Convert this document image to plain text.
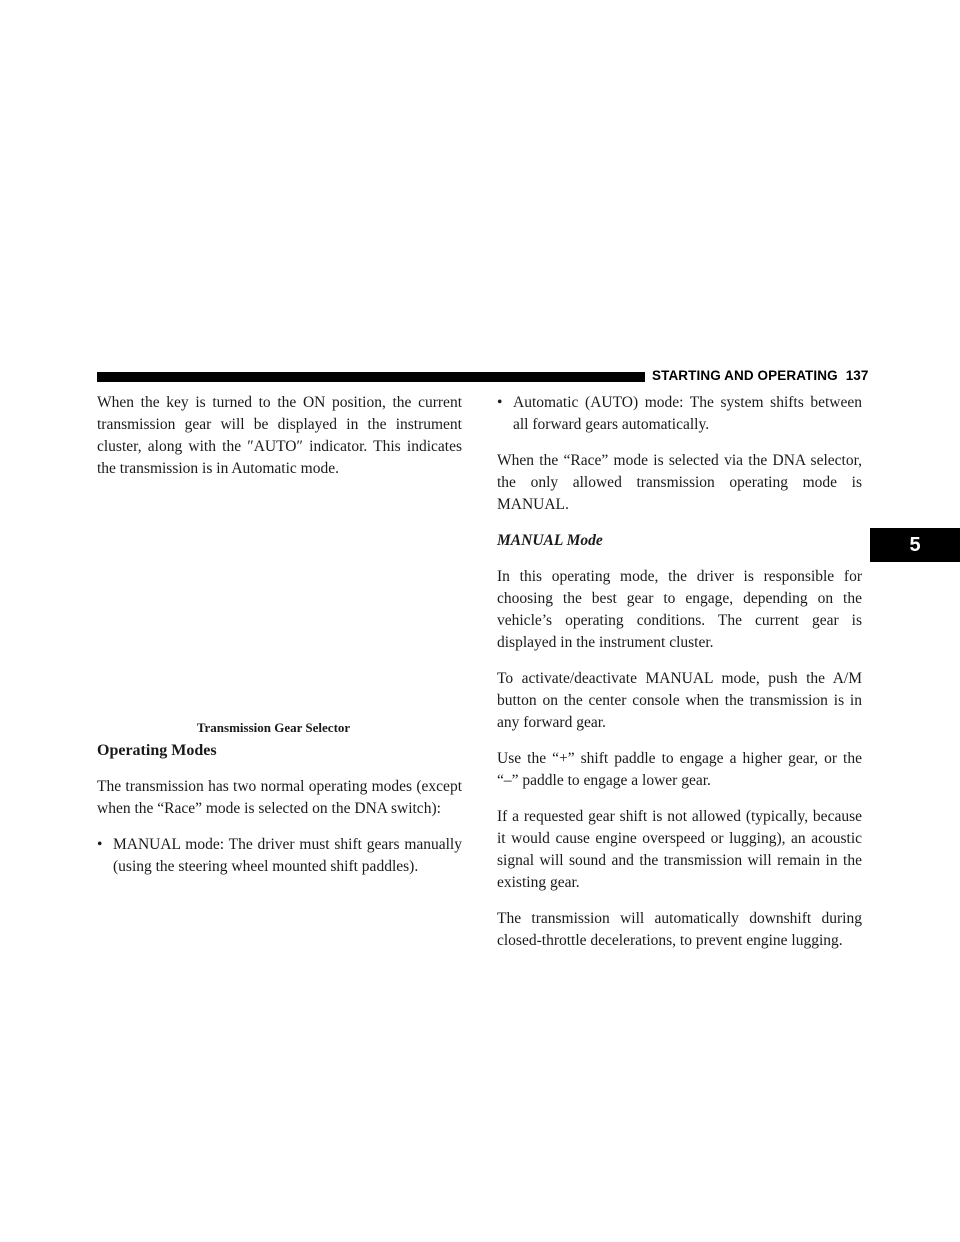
STARTING AND OPERATING 137
5

When the key is turned to the ON position, the current transmission gear will be displayed in the instrument cluster, along with the ″AUTO″ indicator. This indicates the transmission is in Automatic mode.

Transmission Gear Selector

Operating Modes

The transmission has two normal operating modes (except when the “Race” mode is selected on the DNA switch):

• MANUAL mode: The driver must shift gears manually (using the steering wheel mounted shift paddles).
• Automatic (AUTO) mode: The system shifts between all forward gears automatically.

When the “Race” mode is selected via the DNA selector, the only allowed transmission operating mode is MANUAL.

MANUAL Mode

In this operating mode, the driver is responsible for choosing the best gear to engage, depending on the vehicle’s operating conditions. The current gear is displayed in the instrument cluster.

To activate/deactivate MANUAL mode, push the A/M button on the center console when the transmission is in any forward gear.

Use the “+” shift paddle to engage a higher gear, or the “–” paddle to engage a lower gear.

If a requested gear shift is not allowed (typically, because it would cause engine overspeed or lugging), an acoustic signal will sound and the transmission will remain in the existing gear.

The transmission will automatically downshift during closed-throttle decelerations, to prevent engine lugging.
